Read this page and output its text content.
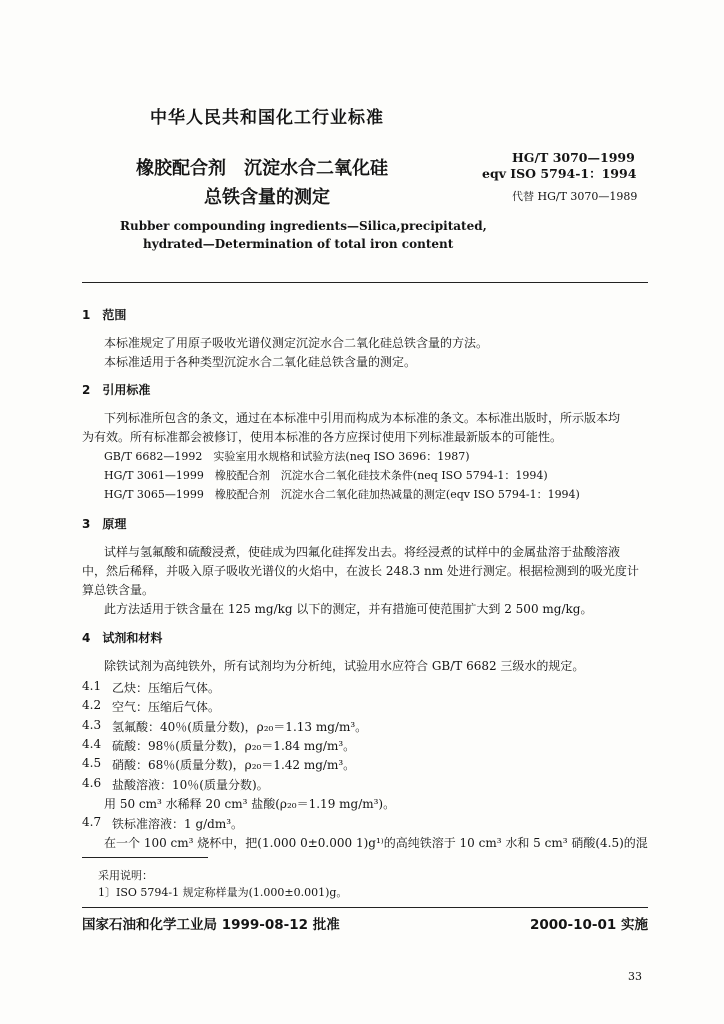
中华人民共和国化工行业标准
橡胶配合剂　沉淀水合二氧化硅
总铁含量的测定
HG/T 3070—1999
eqv ISO 5794-1：1994
代替 HG/T 3070—1989
Rubber compounding ingredients—Silica,precipitated,
hydrated—Determination of total iron content
1　范围
本标准规定了用原子吸收光谱仪测定沉淀水合二氧化硅总铁含量的方法。
本标准适用于各种类型沉淀水合二氧化硅总铁含量的测定。
2　引用标准
下列标准所包含的条文，通过在本标准中引用而构成为本标准的条文。本标准出版时，所示版本均
为有效。所有标准都会被修订，使用本标准的各方应探讨使用下列标准最新版本的可能性。
GB/T 6682—1992　实验室用水规格和试验方法(neq ISO 3696：1987)
HG/T 3061—1999　橡胶配合剂　沉淀水合二氧化硅技术条件(neq ISO 5794-1：1994)
HG/T 3065—1999　橡胶配合剂　沉淀水合二氧化硅加热减量的测定(eqv ISO 5794-1：1994)
3　原理
试样与氢氟酸和硫酸浸煮，使硅成为四氟化硅挥发出去。将经浸煮的试样中的金属盐溶于盐酸溶液
中，然后稀释，并吸入原子吸收光谱仪的火焰中，在波长 248.3 nm 处进行测定。根据检测到的吸光度计
算总铁含量。
此方法适用于铁含量在 125 mg/kg 以下的测定，并有措施可使范围扩大到 2 500 mg/kg。
4　试剂和材料
除铁试剂为高纯铁外，所有试剂均为分析纯，试验用水应符合 GB/T 6682 三级水的规定。
4.1 乙炔：压缩后气体。
4.2 空气：压缩后气体。
4.3 氢氟酸：40％(质量分数)，ρ₂₀＝1.13 mg/m³。
4.4 硫酸：98％(质量分数)，ρ₂₀＝1.84 mg/m³。
4.5 硝酸：68％(质量分数)，ρ₂₀＝1.42 mg/m³。
4.6 盐酸溶液：10％(质量分数)。
用 50 cm³ 水稀释 20 cm³ 盐酸(ρ₂₀＝1.19 mg/m³)。
4.7 铁标准溶液：1 g/dm³。
在一个 100 cm³ 烧杯中，把(1.000 0±0.000 1)g¹⁾的高纯铁溶于 10 cm³ 水和 5 cm³ 硝酸(4.5)的混
采用说明：
1〕ISO 5794-1 规定称样量为(1.000±0.001)g。
国家石油和化学工业局 1999-08-12 批准	2000-10-01 实施
33
